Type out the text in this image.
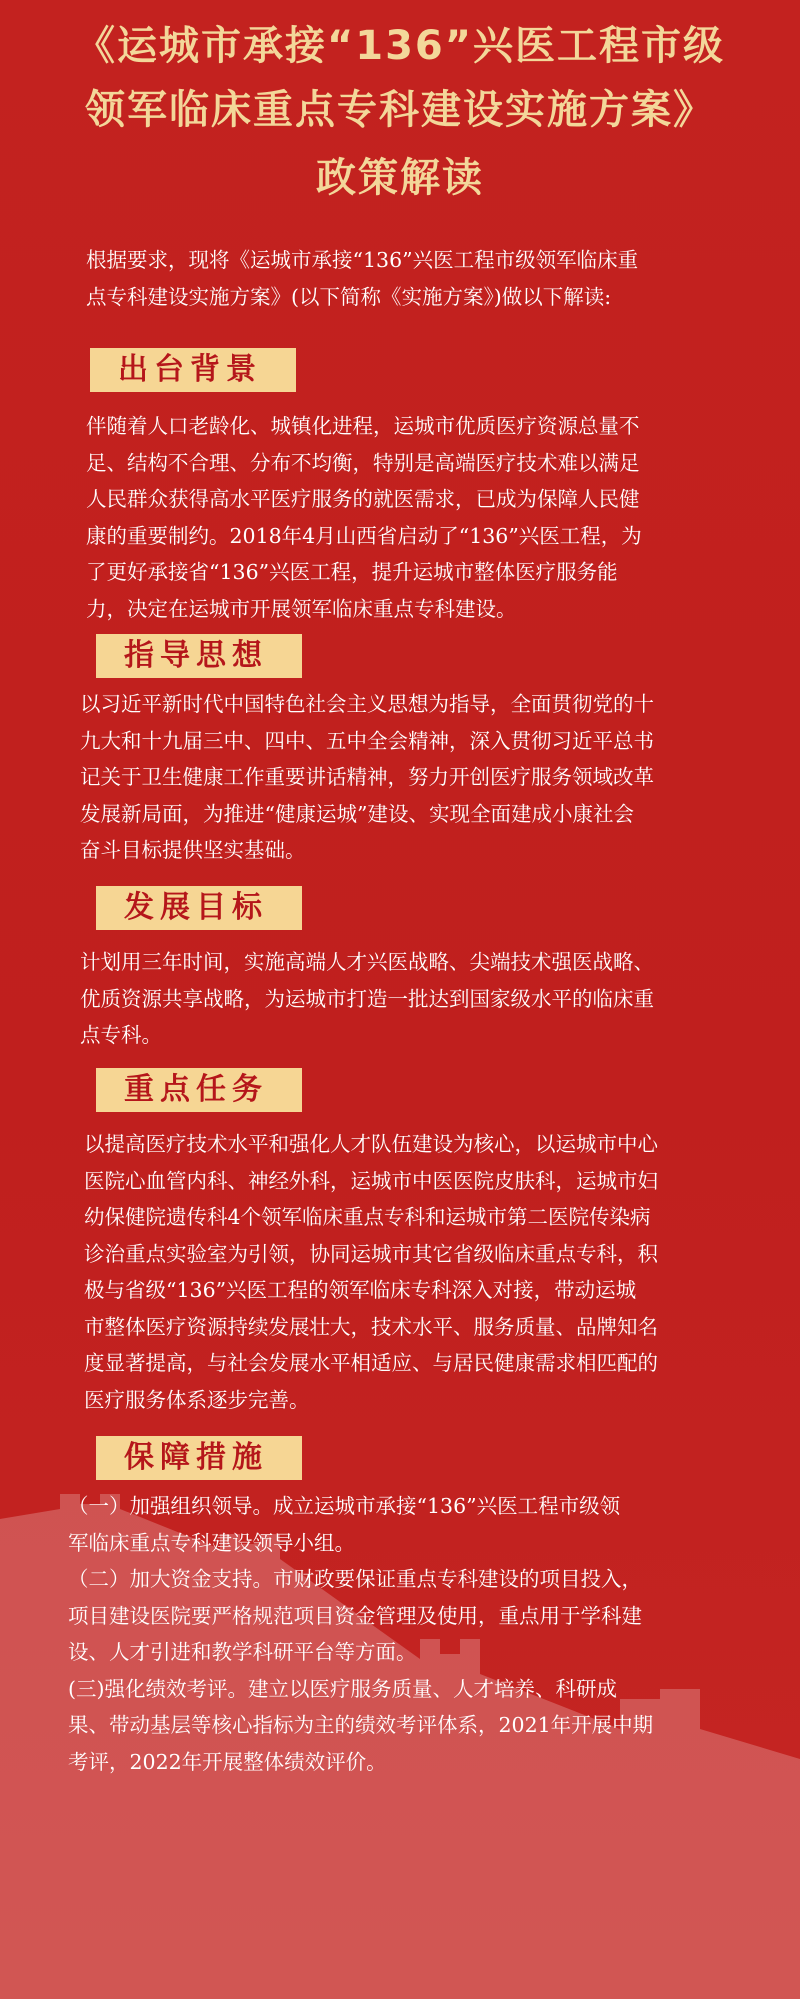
《运城市承接“136”兴医工程市级
领军临床重点专科建设实施方案》
政策解读
根据要求，现将《运城市承接“136”兴医工程市级领军临床重
点专科建设实施方案》(以下简称《实施方案》)做以下解读:
出台背景
伴随着人口老龄化、城镇化进程，运城市优质医疗资源总量不
足、结构不合理、分布不均衡，特别是高端医疗技术难以满足
人民群众获得高水平医疗服务的就医需求，已成为保障人民健
康的重要制约。2018年4月山西省启动了“136”兴医工程，为
了更好承接省“136”兴医工程，提升运城市整体医疗服务能
力，决定在运城市开展领军临床重点专科建设。
指导思想
以习近平新时代中国特色社会主义思想为指导，全面贯彻党的十
九大和十九届三中、四中、五中全会精神，深入贯彻习近平总书
记关于卫生健康工作重要讲话精神，努力开创医疗服务领域改革
发展新局面，为推进“健康运城”建设、实现全面建成小康社会
奋斗目标提供坚实基础。
发展目标
计划用三年时间，实施高端人才兴医战略、尖端技术强医战略、
优质资源共享战略，为运城市打造一批达到国家级水平的临床重
点专科。
重点任务
以提高医疗技术水平和强化人才队伍建设为核心，以运城市中心
医院心血管内科、神经外科，运城市中医医院皮肤科，运城市妇
幼保健院遗传科4个领军临床重点专科和运城市第二医院传染病
诊治重点实验室为引领，协同运城市其它省级临床重点专科，积
极与省级“136”兴医工程的领军临床专科深入对接，带动运城
市整体医疗资源持续发展壮大，技术水平、服务质量、品牌知名
度显著提高，与社会发展水平相适应、与居民健康需求相匹配的
医疗服务体系逐步完善。
保障措施
（一）加强组织领导。成立运城市承接“136”兴医工程市级领
军临床重点专科建设领导小组。
（二）加大资金支持。市财政要保证重点专科建设的项目投入，
项目建设医院要严格规范项目资金管理及使用，重点用于学科建
设、人才引进和教学科研平台等方面。
(三)强化绩效考评。建立以医疗服务质量、人才培养、科研成
果、带动基层等核心指标为主的绩效考评体系，2021年开展中期
考评，2022年开展整体绩效评价。
